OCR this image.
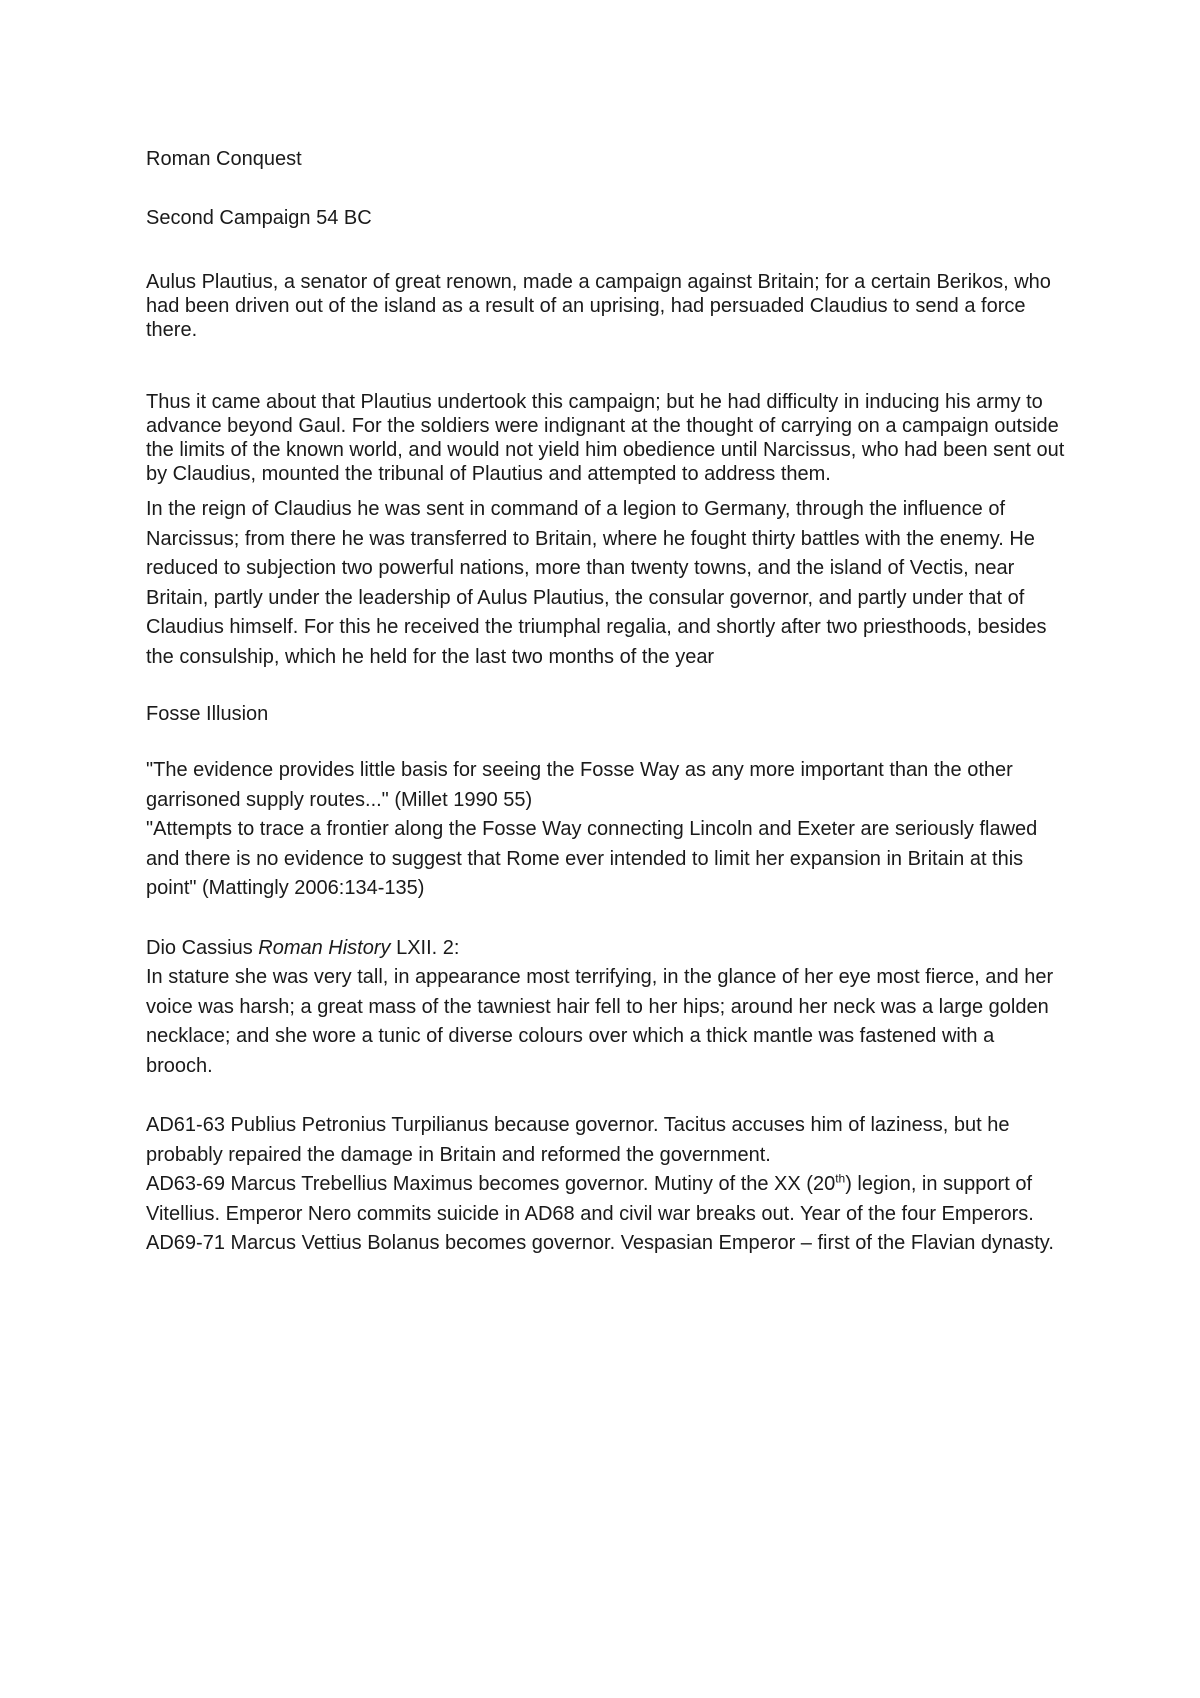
Roman Conquest

Second Campaign 54 BC

Aulus Plautius, a senator of great renown, made a campaign against Britain; for a certain Berikos, who had been driven out of the island as a result of an uprising, had persuaded Claudius to send a force there.

Thus it came about that Plautius undertook this campaign; but he had difficulty in inducing his army to advance beyond Gaul. For the soldiers were indignant at the thought of carrying on a campaign outside the limits of the known world, and would not yield him obedience until Narcissus, who had been sent out by Claudius, mounted the tribunal of Plautius and attempted to address them.

In the reign of Claudius he was sent in command of a legion to Germany, through the influence of Narcissus; from there he was transferred to Britain, where he fought thirty battles with the enemy. He reduced to subjection two powerful nations, more than twenty towns, and the island of Vectis, near Britain, partly under the leadership of Aulus Plautius, the consular governor, and partly under that of Claudius himself. For this he received the triumphal regalia, and shortly after two priesthoods, besides the consulship, which he held for the last two months of the year

Fosse Illusion

"The evidence provides little basis for seeing the Fosse Way as any more important than the other garrisoned supply routes..." (Millet 1990 55)

"Attempts to trace a frontier along the Fosse Way connecting Lincoln and Exeter are seriously flawed and there is no evidence to suggest that Rome ever intended to limit her expansion in Britain at this point" (Mattingly 2006:134-135)

Dio Cassius Roman History LXII. 2:

In stature she was very tall, in appearance most terrifying, in the glance of her eye most fierce, and her voice was harsh; a great mass of the tawniest hair fell to her hips; around her neck was a large golden necklace; and she wore a tunic of diverse colours over which a thick mantle was fastened with a brooch.

AD61-63 Publius Petronius Turpilianus because governor. Tacitus accuses him of laziness, but he probably repaired the damage in Britain and reformed the government.

AD63-69 Marcus Trebellius Maximus becomes governor. Mutiny of the XX (20th) legion, in support of Vitellius. Emperor Nero commits suicide in AD68 and civil war breaks out. Year of the four Emperors.

AD69-71 Marcus Vettius Bolanus becomes governor. Vespasian Emperor – first of the Flavian dynasty.
